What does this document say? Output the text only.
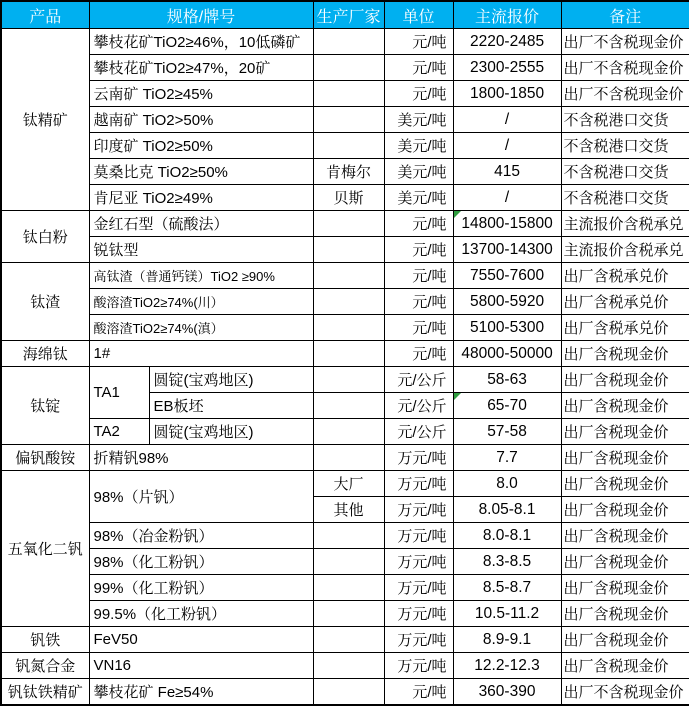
产品	规格/牌号		生产厂家	单位	主流报价	备注
钛精矿	攀枝花矿TiO2≥46%，10低磷矿			元/吨	2220-2485	出厂不含税现金价
	攀枝花矿TiO2≥47%，20矿			元/吨	2300-2555	出厂不含税现金价
	云南矿 TiO2≥45%			元/吨	1800-1850	出厂不含税现金价
	越南矿 TiO2>50%			美元/吨	/	不含税港口交货
	印度矿 TiO2≥50%			美元/吨	/	不含税港口交货
	莫桑比克 TiO2≥50%		肯梅尔	美元/吨	415	不含税港口交货
	肯尼亚 TiO2≥49%		贝斯	美元/吨	/	不含税港口交货
钛白粉	金红石型（硫酸法）			元/吨	14800-15800	主流报价含税承兑
	锐钛型			元/吨	13700-14300	主流报价含税承兑
钛渣	高钛渣（普通钙镁）TiO2 ≥90%			元/吨	7550-7600	出厂含税承兑价
	酸溶渣TiO2≥74%(川）			元/吨	5800-5920	出厂含税承兑价
	酸溶渣TiO2≥74%(滇）			元/吨	5100-5300	出厂含税承兑价
海绵钛	1#			元/吨	48000-50000	出厂含税现金价
钛锭	TA1	圆锭(宝鸡地区)		元/公斤	58-63	出厂含税现金价
		EB板坯		元/公斤	65-70	出厂含税现金价
	TA2	圆锭(宝鸡地区)		元/公斤	57-58	出厂含税现金价
偏钒酸铵	折精钒98%			万元/吨	7.7	出厂含税现金价
五氧化二钒	98%（片钒）		大厂	万元/吨	8.0	出厂含税现金价
			其他	万元/吨	8.05-8.1	出厂含税现金价
	98%（冶金粉钒）			万元/吨	8.0-8.1	出厂含税现金价
	98%（化工粉钒）			万元/吨	8.3-8.5	出厂含税现金价
	99%（化工粉钒）			万元/吨	8.5-8.7	出厂含税现金价
	99.5%（化工粉钒）			万元/吨	10.5-11.2	出厂含税现金价
钒铁	FeV50			万元/吨	8.9-9.1	出厂含税现金价
钒氮合金	VN16			万元/吨	12.2-12.3	出厂含税现金价
钒钛铁精矿	攀枝花矿 Fe≥54%			元/吨	360-390	出厂不含税现金价
